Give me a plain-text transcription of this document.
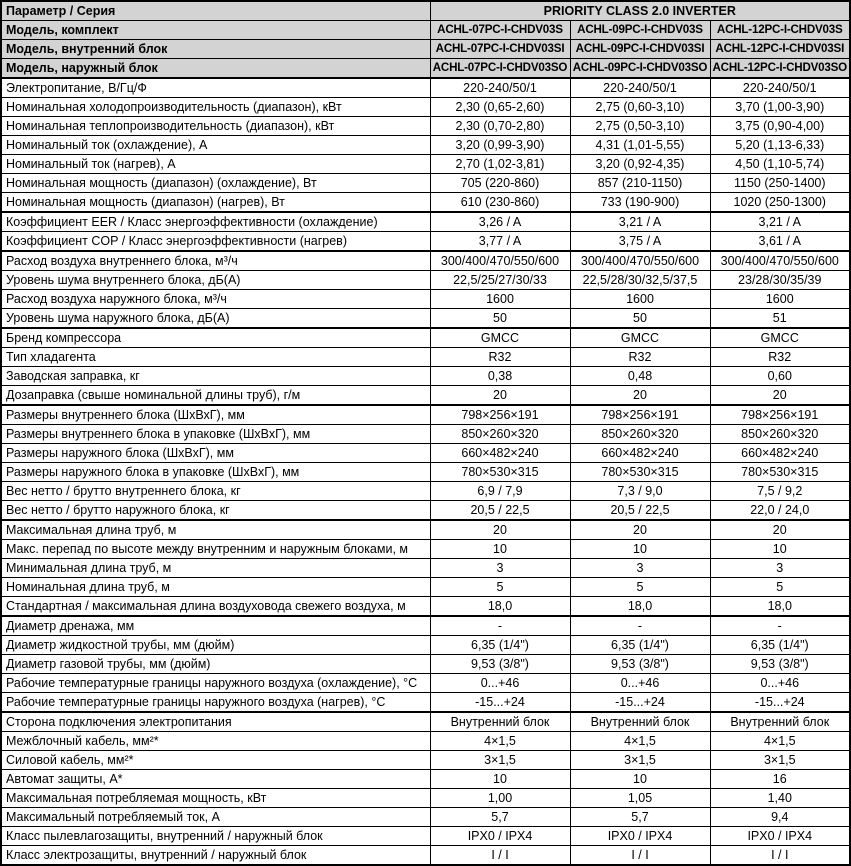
Параметр / Серия	PRIORITY CLASS 2.0 INVERTER		
Модель, комплект	ACHL-07PC-I-CHDV03S	ACHL-09PC-I-CHDV03S	ACHL-12PC-I-CHDV03S
Модель, внутренний блок	ACHL-07PC-I-CHDV03SI	ACHL-09PC-I-CHDV03SI	ACHL-12PC-I-CHDV03SI
Модель, наружный блок	ACHL-07PC-I-CHDV03SO	ACHL-09PC-I-CHDV03SO	ACHL-12PC-I-CHDV03SO
Электропитание, В/Гц/Ф	220-240/50/1	220-240/50/1	220-240/50/1
Номинальная холодопроизводительность (диапазон), кВт	2,30 (0,65-2,60)	2,75 (0,60-3,10)	3,70 (1,00-3,90)
Номинальная теплопроизводительность (диапазон), кВт	2,30 (0,70-2,80)	2,75 (0,50-3,10)	3,75 (0,90-4,00)
Номинальный ток (охлаждение), А	3,20 (0,99-3,90)	4,31 (1,01-5,55)	5,20 (1,13-6,33)
Номинальный ток (нагрев), А	2,70 (1,02-3,81)	3,20 (0,92-4,35)	4,50 (1,10-5,74)
Номинальная мощность (диапазон) (охлаждение), Вт	705 (220-860)	857 (210-1150)	1150 (250-1400)
Номинальная мощность (диапазон) (нагрев), Вт	610 (230-860)	733 (190-900)	1020 (250-1300)
Коэффициент EER / Класс энергоэффективности (охлаждение)	3,26 / A	3,21 / A	3,21 / A
Коэффициент COP / Класс энергоэффективности (нагрев)	3,77 / A	3,75 / A	3,61 / A
Расход воздуха внутреннего блока, м³/ч	300/400/470/550/600	300/400/470/550/600	300/400/470/550/600
Уровень шума внутреннего блока, дБ(А)	22,5/25/27/30/33	22,5/28/30/32,5/37,5	23/28/30/35/39
Расход воздуха наружного блока, м³/ч	1600	1600	1600
Уровень шума наружного блока, дБ(А)	50	50	51
Бренд компрессора	GMCC	GMCC	GMCC
Тип хладагента	R32	R32	R32
Заводская заправка, кг	0,38	0,48	0,60
Дозаправка (свыше номинальной длины труб), г/м	20	20	20
Размеры внутреннего блока (ШхВхГ), мм	798×256×191	798×256×191	798×256×191
Размеры внутреннего блока в упаковке (ШхВхГ), мм	850×260×320	850×260×320	850×260×320
Размеры наружного блока (ШхВхГ), мм	660×482×240	660×482×240	660×482×240
Размеры наружного блока в упаковке (ШхВхГ), мм	780×530×315	780×530×315	780×530×315
Вес нетто / брутто внутреннего блока, кг	6,9 / 7,9	7,3 / 9,0	7,5 / 9,2
Вес нетто / брутто наружного блока, кг	20,5 / 22,5	20,5 / 22,5	22,0 / 24,0
Максимальная длина труб, м	20	20	20
Макс. перепад по высоте между внутренним и наружным блоками, м	10	10	10
Минимальная длина труб, м	3	3	3
Номинальная длина труб, м	5	5	5
Стандартная / максимальная длина воздуховода свежего воздуха, м	18,0	18,0	18,0
Диаметр дренажа, мм	-	-	-
Диаметр жидкостной трубы, мм (дюйм)	6,35 (1/4")	6,35 (1/4")	6,35 (1/4")
Диаметр газовой трубы, мм (дюйм)	9,53 (3/8")	9,53 (3/8")	9,53 (3/8")
Рабочие температурные границы наружного воздуха (охлаждение), °С	0...+46	0...+46	0...+46
Рабочие температурные границы наружного воздуха (нагрев), °С	-15...+24	-15...+24	-15...+24
Сторона подключения электропитания	Внутренний блок	Внутренний блок	Внутренний блок
Межблочный кабель, мм²*	4×1,5	4×1,5	4×1,5
Силовой кабель, мм²*	3×1,5	3×1,5	3×1,5
Автомат защиты, А*	10	10	16
Максимальная потребляемая мощность, кВт	1,00	1,05	1,40
Максимальный потребляемый ток, А	5,7	5,7	9,4
Класс пылевлагозащиты, внутренний / наружный блок	IPX0 / IPX4	IPX0 / IPX4	IPX0 / IPX4
Класс электрозащиты, внутренний / наружный блок	I / I	I / I	I / I
